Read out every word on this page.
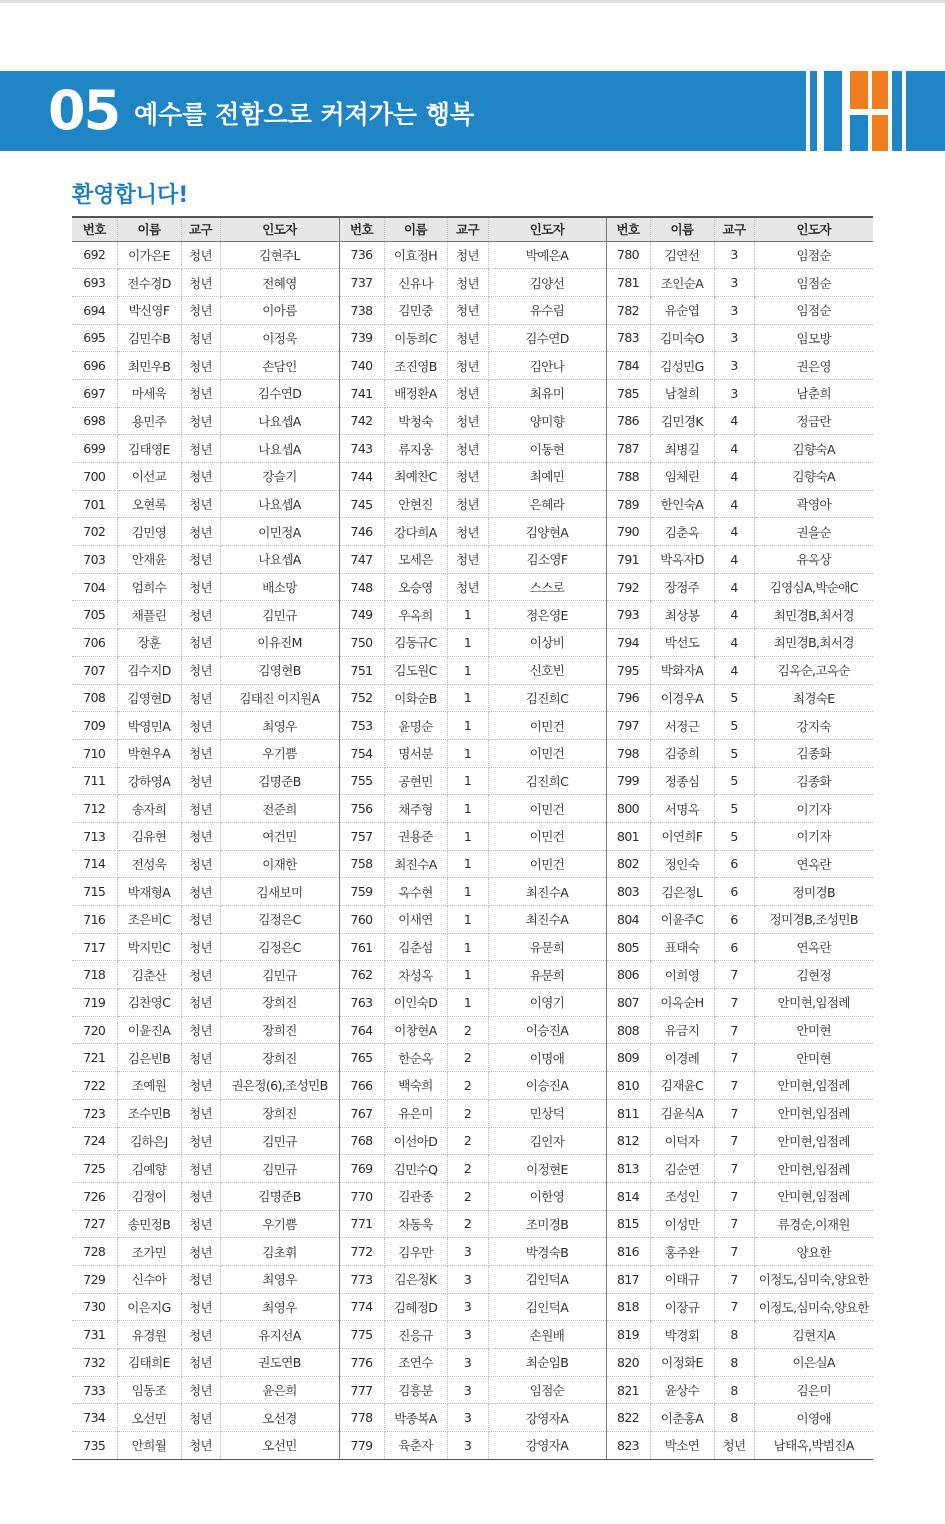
05 예수를 전함으로 커져가는 행복
환영합니다!
번호	이름	교구	인도자	번호	이름	교구	인도자	번호	이름	교구	인도자
692	이가은E	청년	김현주L	736	이효정H	청년	박예은A	780	김연선	3	임점순
693	전수경D	청년	전혜영	737	신유나	청년	김양선	781	조인순A	3	임점순
694	박신영F	청년	이아름	738	김민중	청년	유수림	782	유순엽	3	임점순
695	김민수B	청년	이정욱	739	이동희C	청년	김수연D	783	김미숙O	3	임모방
696	최민우B	청년	손담인	740	조진영B	청년	김안나	784	김성민G	3	권은영
697	마세욱	청년	김수연D	741	배정환A	청년	최유미	785	남철희	3	남춘희
698	용민주	청년	나요셉A	742	박청숙	청년	양미향	786	김민경K	4	정금란
699	김태영E	청년	나요셉A	743	류지웅	청년	이동현	787	최병길	4	김향숙A
700	이선교	청년	강슬기	744	최예찬C	청년	최예민	788	임체린	4	김향숙A
701	오현록	청년	나요셉A	745	안현진	청년	은혜라	789	한인숙A	4	곽영아
702	김민영	청년	이민정A	746	강다희A	청년	김양현A	790	김춘옥	4	권을순
703	안재윤	청년	나요셉A	747	모세은	청년	김소영F	791	박옥자D	4	유옥상
704	엄희수	청년	배소망	748	오승영	청년	스스로	792	장정주	4	김영심A,박순애C
705	채플린	청년	김민규	749	우옥희	1	정은영E	793	최상봉	4	최민경B,최서경
706	장훈	청년	이유진M	750	김동규C	1	이상비	794	박선도	4	최민경B,최서경
707	김수지D	청년	김영현B	751	김도원C	1	신호빈	795	박화자A	4	김옥순,고옥순
708	김영현D	청년	김태진 이지원A	752	이화순B	1	김진희C	796	이경우A	5	최경숙E
709	박영민A	청년	최영우	753	윤명순	1	이민건	797	서정근	5	강지숙
710	박현우A	청년	우기쁨	754	명서분	1	이민건	798	김중희	5	김종화
711	강하영A	청년	김명준B	755	공현민	1	김진희C	799	정종심	5	김종화
712	송자희	청년	전준희	756	채주형	1	이민건	800	서명옥	5	이기자
713	김유현	청년	여건민	757	권용준	1	이민건	801	이연희F	5	이기자
714	전성욱	청년	이재한	758	최진수A	1	이민건	802	정인숙	6	연옥란
715	박재형A	청년	김새보미	759	옥수현	1	최진수A	803	김은정L	6	정미경B
716	조은비C	청년	김정은C	760	이새연	1	최진수A	804	이윤주C	6	정미경B,조성민B
717	박지민C	청년	김정은C	761	김춘섬	1	유문희	805	표태숙	6	연옥란
718	김춘산	청년	김민규	762	차성옥	1	유문희	806	이희영	7	김현정
719	김찬영C	청년	장희진	763	이인숙D	1	이영기	807	이옥순H	7	안미현,임점례
720	이윤진A	청년	장희진	764	이창현A	2	이승진A	808	유금지	7	안미현
721	김은빈B	청년	장희진	765	한순옥	2	이명애	809	이경례	7	안미현
722	조예원	청년	권은정(6),조성민B	766	백숙희	2	이승진A	810	김재윤C	7	안미현,임점례
723	조수민B	청년	장희진	767	유은미	2	민상덕	811	김윤식A	7	안미현,임점례
724	김하은J	청년	김민규	768	이선아D	2	김인자	812	이덕자	7	안미현,임점례
725	김예향	청년	김민규	769	김민수Q	2	이정현E	813	김순연	7	안미현,임점례
726	김정이	청년	김명준B	770	김관종	2	이한영	814	조성인	7	안미현,임점례
727	송민정B	청년	우기쁨	771	차동욱	2	조미경B	815	이성만	7	류경순,이재원
728	조가민	청년	김초휘	772	김우만	3	박경숙B	816	홍주완	7	양요한
729	신수아	청년	최영우	773	김은정K	3	김인덕A	817	이태규	7	이정도,심미숙,양요한
730	이은지G	청년	최영우	774	김혜정D	3	김인덕A	818	이장규	7	이정도,심미숙,양요한
731	유경원	청년	유지선A	775	진응규	3	손원배	819	박경회	8	김현지A
732	김태희E	청년	권도연B	776	조연수	3	최순임B	820	이정화E	8	이은실A
733	임동조	청년	윤은희	777	김흥분	3	임점순	821	윤상수	8	김은미
734	오선민	청년	오선경	778	박종복A	3	강영자A	822	이춘홍A	8	이영애
735	안희월	청년	오선민	779	육춘자	3	강영자A	823	박소연	청년	남태옥,박범진A
